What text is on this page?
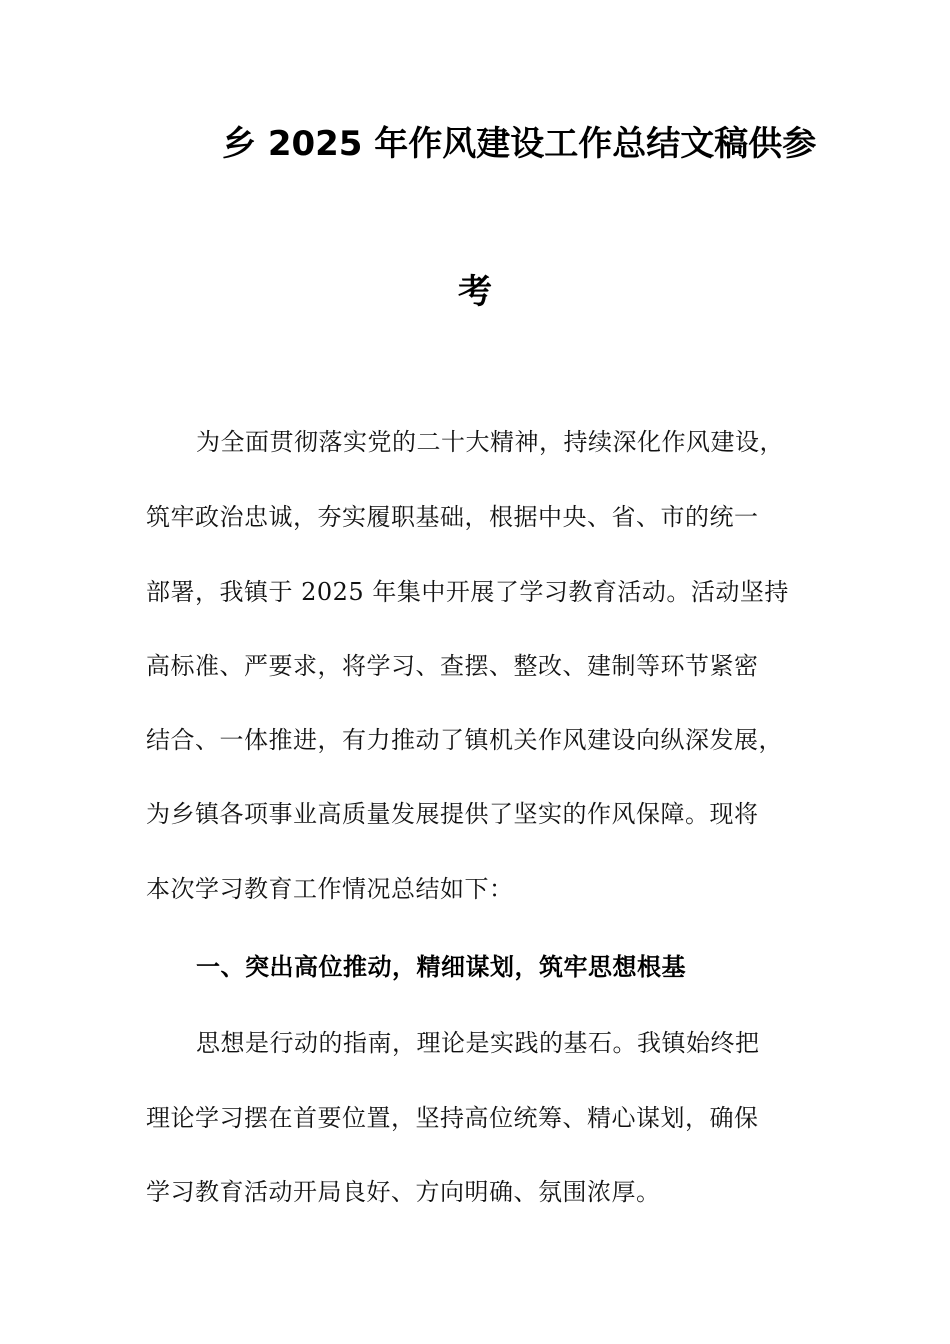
乡 2025 年作风建设工作总结文稿供参
考
为全面贯彻落实党的二十大精神，持续深化作风建设，
筑牢政治忠诚，夯实履职基础，根据中央、省、市的统一
部署，我镇于 2025 年集中开展了学习教育活动。活动坚持
高标准、严要求，将学习、查摆、整改、建制等环节紧密
结合、一体推进，有力推动了镇机关作风建设向纵深发展，
为乡镇各项事业高质量发展提供了坚实的作风保障。现将
本次学习教育工作情况总结如下：
一、突出高位推动，精细谋划，筑牢思想根基
思想是行动的指南，理论是实践的基石。我镇始终把
理论学习摆在首要位置，坚持高位统筹、精心谋划，确保
学习教育活动开局良好、方向明确、氛围浓厚。
